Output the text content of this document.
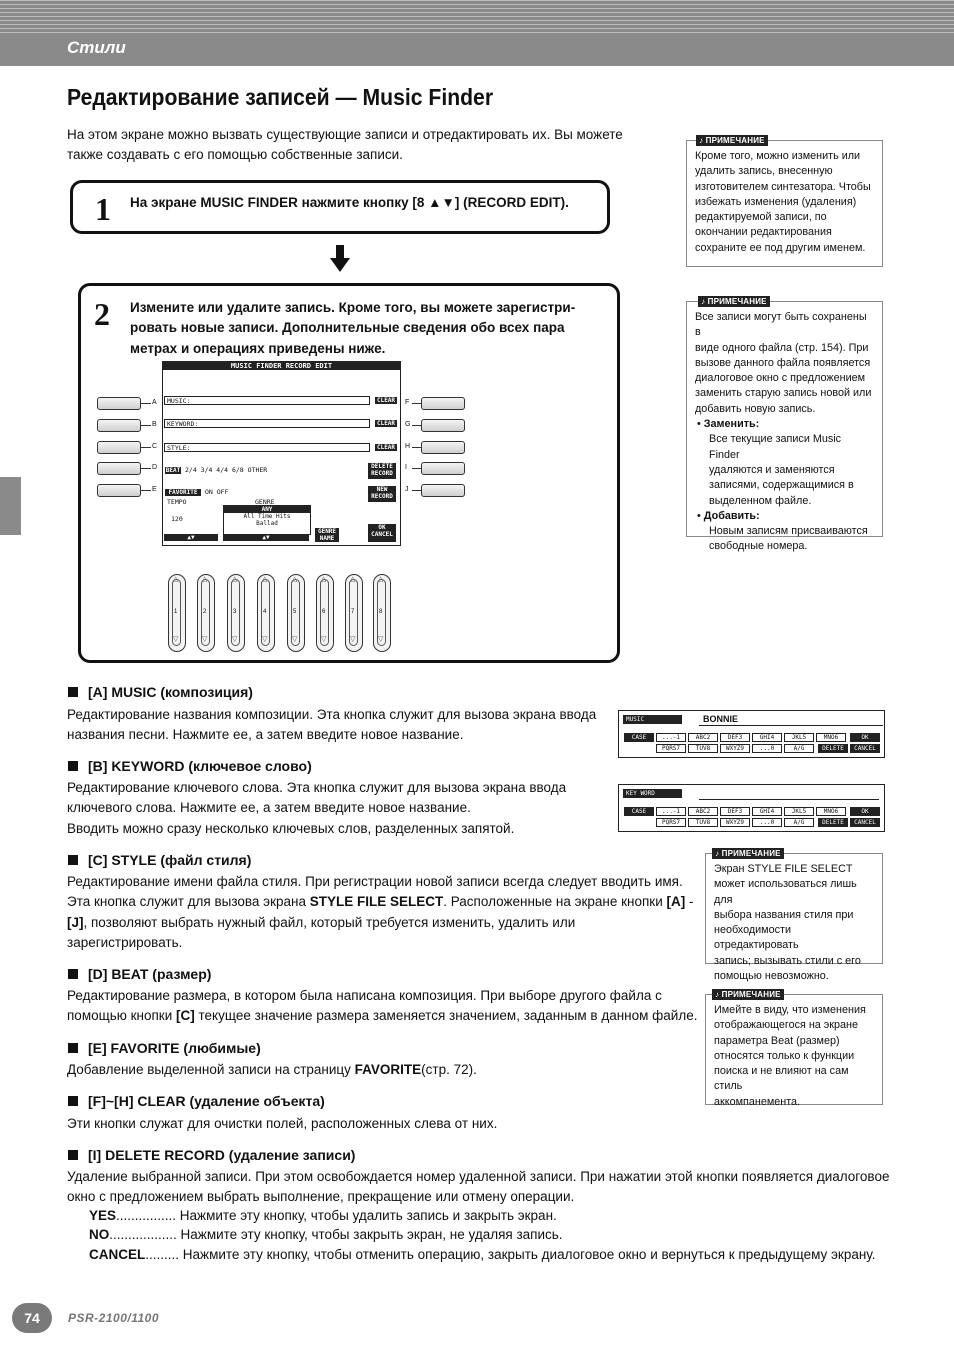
Стили
Редактирование записей — Music Finder
На этом экране можно вызвать существующие записи и отредактировать их. Вы можете
также создавать с его помощью собственные записи.
1 На экране MUSIC FINDER нажмите кнопку [8 ▲▼] (RECORD EDIT).
2 Измените или удалите запись. Кроме того, вы можете зарегистри-
ровать новые записи. Дополнительные сведения обо всех пара
метрах и операциях приведены ниже.
MUSIC FINDER RECORD EDIT
MUSIC:	CLEAR
KEYWORD:	CLEAR
STYLE:	CLEAR
BEAT 2/4 3/4 4/4 6/8 OTHER	DELETE
RECORD
FAVORITE	ON OFF	NEW
RECORD
TEMPO
120
GENRE
ANY
All Time Hits
Ballad
GENRE
NAME
OK
CANCEL
▲▼	▲▼
A
B
C
D
E
F
G
H
I
J
△
1
▽
△
2
▽
△
3
▽
△
4
▽
△
5
▽
△
6
▽
△
7
▽
△
8
▽
Кроме того, можно изменить или
удалить запись, внесенную
изготовителем синтезатора. Чтобы
избежать изменения (удаления)
редактируемой записи, по
окончании редактирования
сохраните ее под другим именем.
♪ ПРИМЕЧАНИЕ
Все записи могут быть сохранены в
виде одного файла (стр. 154). При
вызове данного файла появляется
диалоговое окно с предложением
заменить старую запись новой или
добавить новую запись.
• Заменить:
Все текущие записи Music Finder
удаляются и заменяются
записями, содержащимися в
выделенном файле.
• Добавить:
Новым записям присваиваются
свободные номера.
♪ ПРИМЕЧАНИЕ
Экран STYLE FILE SELECT
может использоваться лишь для
выбора названия стиля при
необходимости отредактировать
запись; вызывать стили с его
помощью невозможно.
♪ ПРИМЕЧАНИЕ
Имейте в виду, что изменения
отображающегося на экране
параметра Beat (размер)
относятся только к функции
поиска и не влияют на сам стиль
аккомпанемента.
♪ ПРИМЕЧАНИЕ
MUSIC	BONNIE
CASE	...-1	ABC2	DEF3	GHI4	JKL5	MNO6	OK
PQRS7	TUV8	WXYZ9	...0	A/G	DELETE	CANCEL
KEY WORD
CASE	...-1	ABC2	DEF3	GHI4	JKL5	MNO6	OK
PQRS7	TUV8	WXYZ9	...0	A/G	DELETE	CANCEL
[A] MUSIC (композиция)
Редактирование названия композиции. Эта кнопка служит для вызова экрана ввода
названия песни. Нажмите ее, а затем введите новое название.
[B] KEYWORD (ключевое слово)
Редактирование ключевого слова. Эта кнопка служит для вызова экрана ввода
ключевого слова. Нажмите ее, а затем введите новое название.
Вводить можно сразу несколько ключевых слов, разделенных запятой.
[C] STYLE (файл стиля)
Редактирование имени файла стиля. При регистрации новой записи всегда следует вводить имя.
Эта кнопка служит для вызова экрана STYLE FILE SELECT. Расположенные на экране кнопки [A] -
[J], позволяют выбрать нужный файл, который требуется изменить, удалить или
зарегистрировать.
[D] BEAT (размер)
Редактирование размера, в котором была написана композиция. При выборе другого файла с
помощью кнопки [C] текущее значение размера заменяется значением, заданным в данном файле.
[E] FAVORITE (любимые)
Добавление выделенной записи на страницу FAVORITE(стр. 72).
[F]~[H] CLEAR (удаление объекта)
Эти кнопки служат для очистки полей, расположенных слева от них.
[I] DELETE RECORD (удаление записи)
Удаление выбранной записи. При этом освобождается номер удаленной записи. При нажатии этой кнопки появляется диалоговое
окно с предложением выбрать выполнение, прекращение или отмену операции.
YES................ Нажмите эту кнопку, чтобы удалить запись и закрыть экран.
NO.................. Нажмите эту кнопку, чтобы закрыть экран, не удаляя запись.
CANCEL......... Нажмите эту кнопку, чтобы отменить операцию, закрыть диалоговое окно и вернуться к предыдущему экрану.
74	PSR-2100/1100
